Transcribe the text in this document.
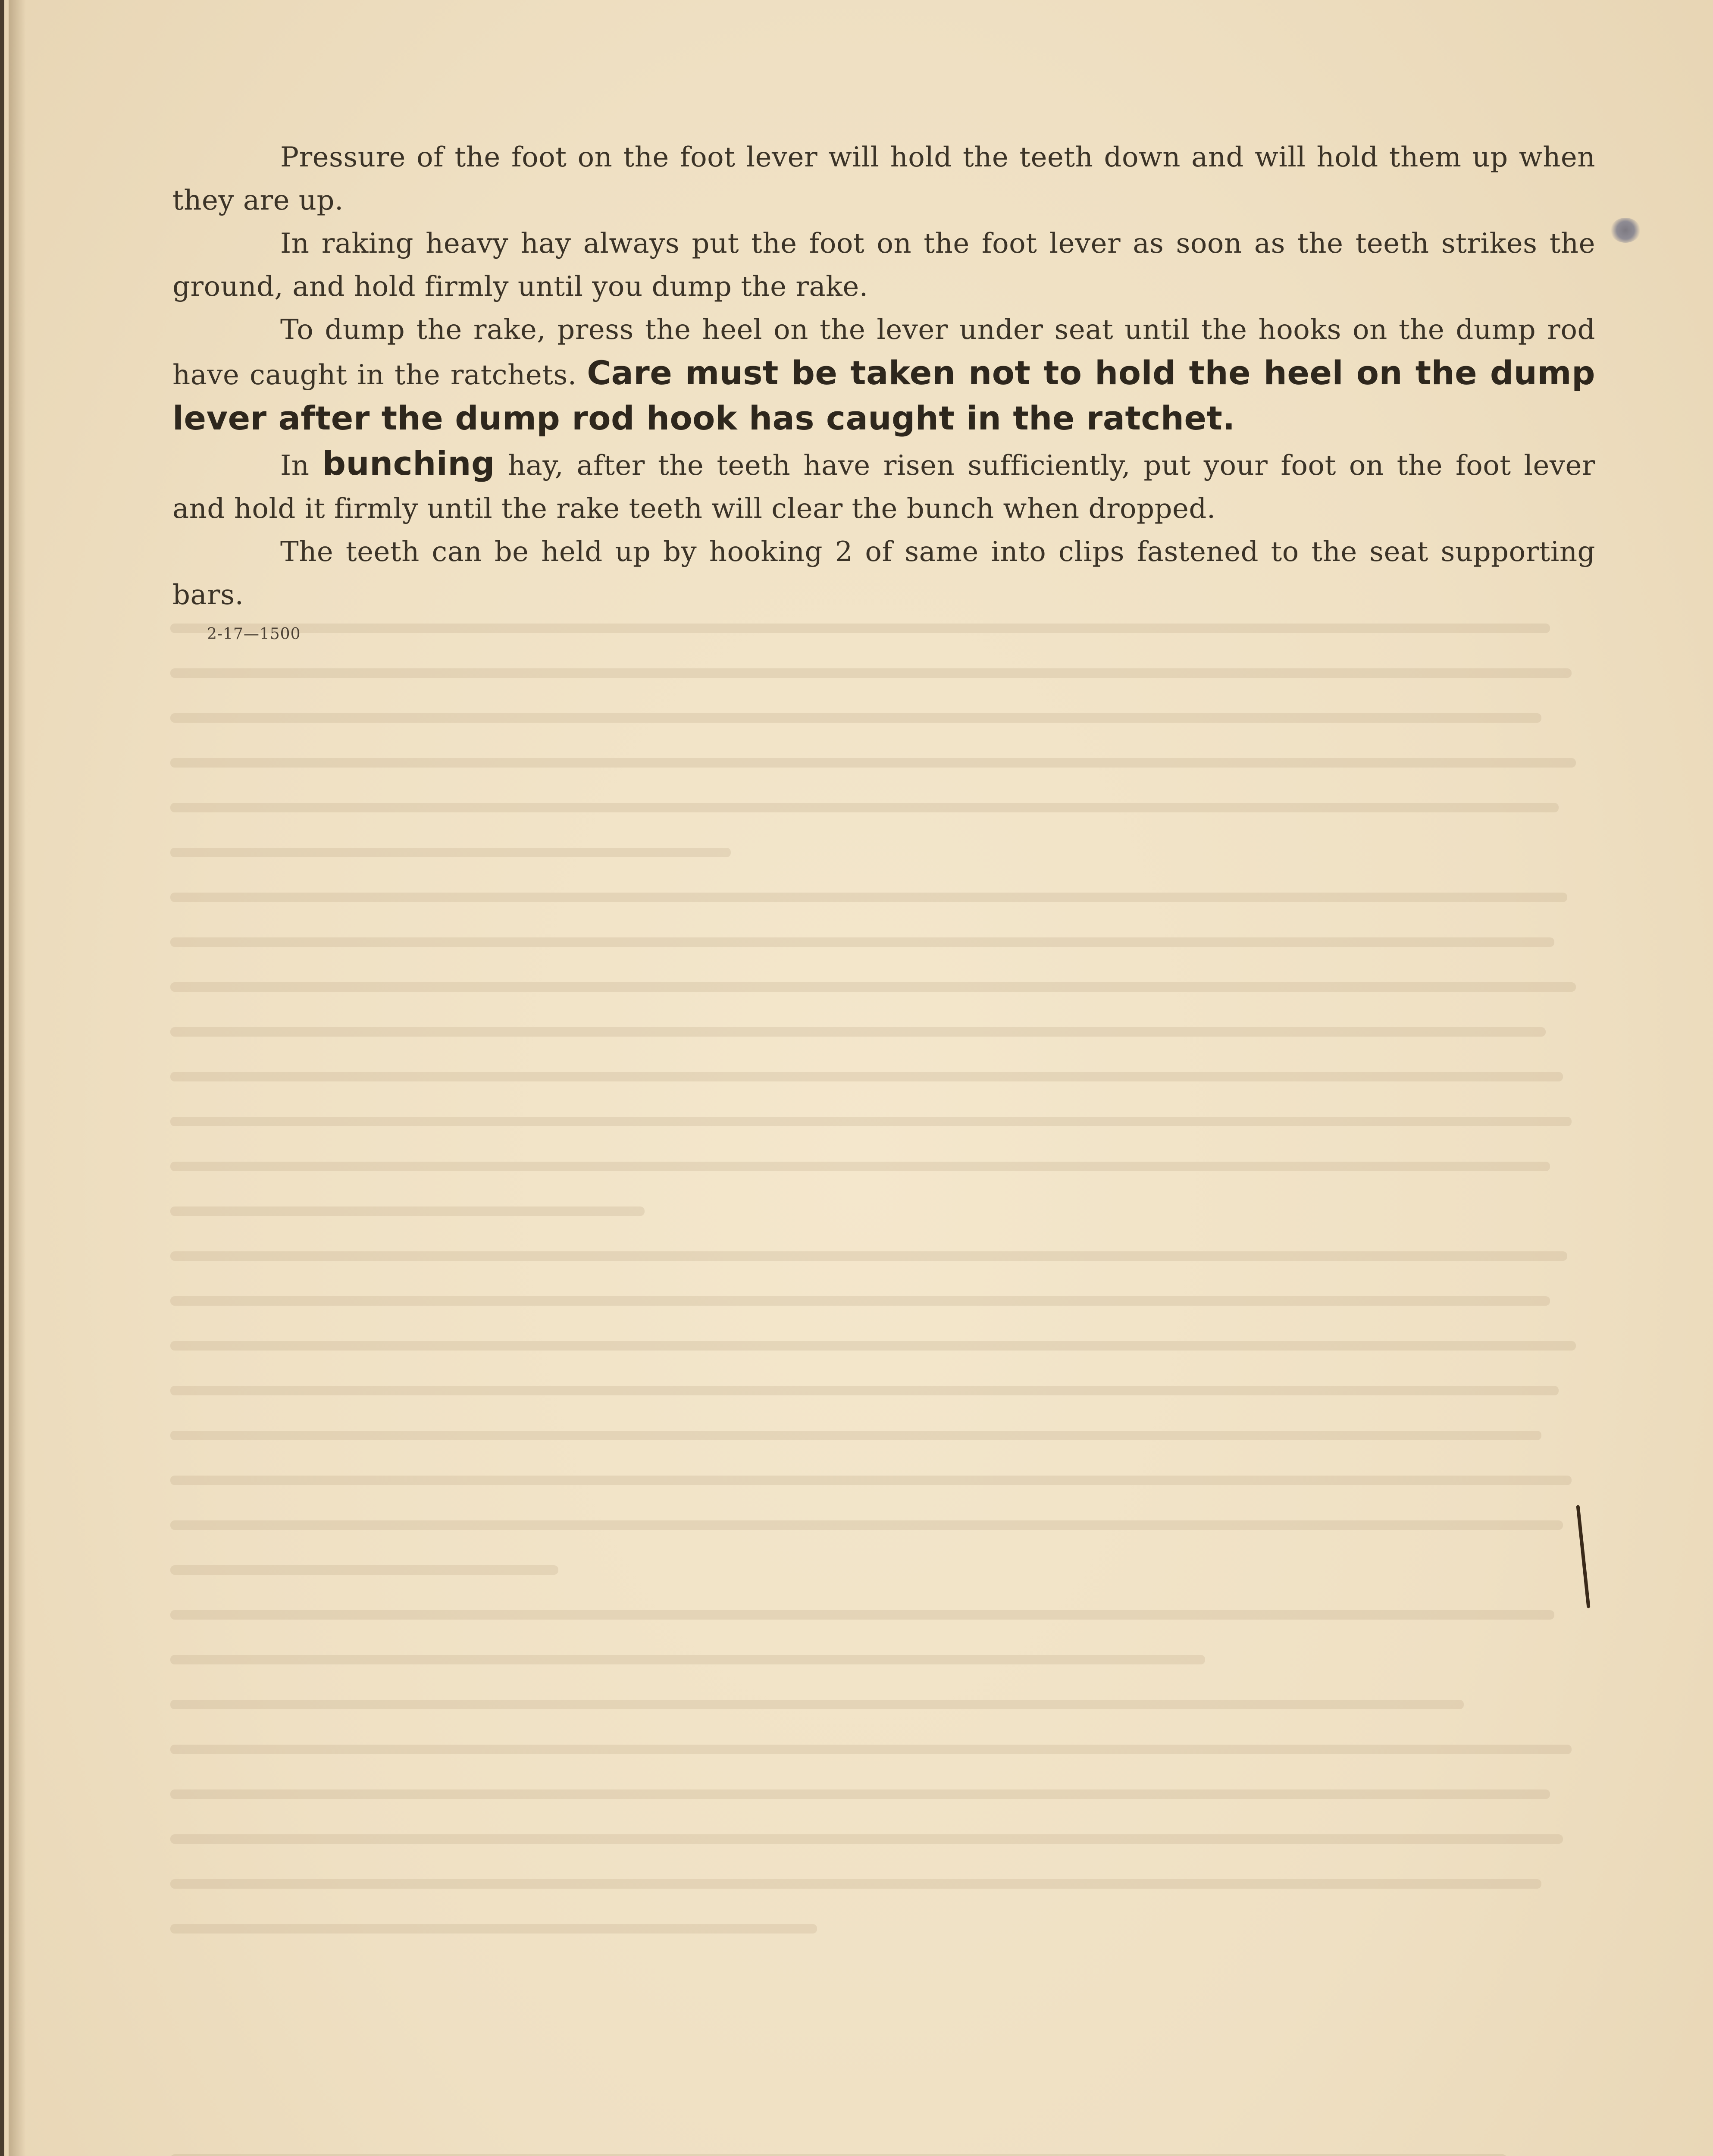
Pressure of the foot on the foot lever will hold the teeth down and will hold them up when they are up.

In raking heavy hay always put the foot on the foot lever as soon as the teeth strikes the ground, and hold firmly until you dump the rake.

To dump the rake, press the heel on the lever under seat until the hooks on the dump rod have caught in the ratchets. Care must be taken not to hold the heel on the dump lever after the dump rod hook has caught in the ratchet.

In bunching hay, after the teeth have risen sufficiently, put your foot on the foot lever and hold it firmly until the rake teeth will clear the bunch when dropped.

The teeth can be held up by hooking 2 of same into clips fastened to the seat supporting bars.

2-17—1500
